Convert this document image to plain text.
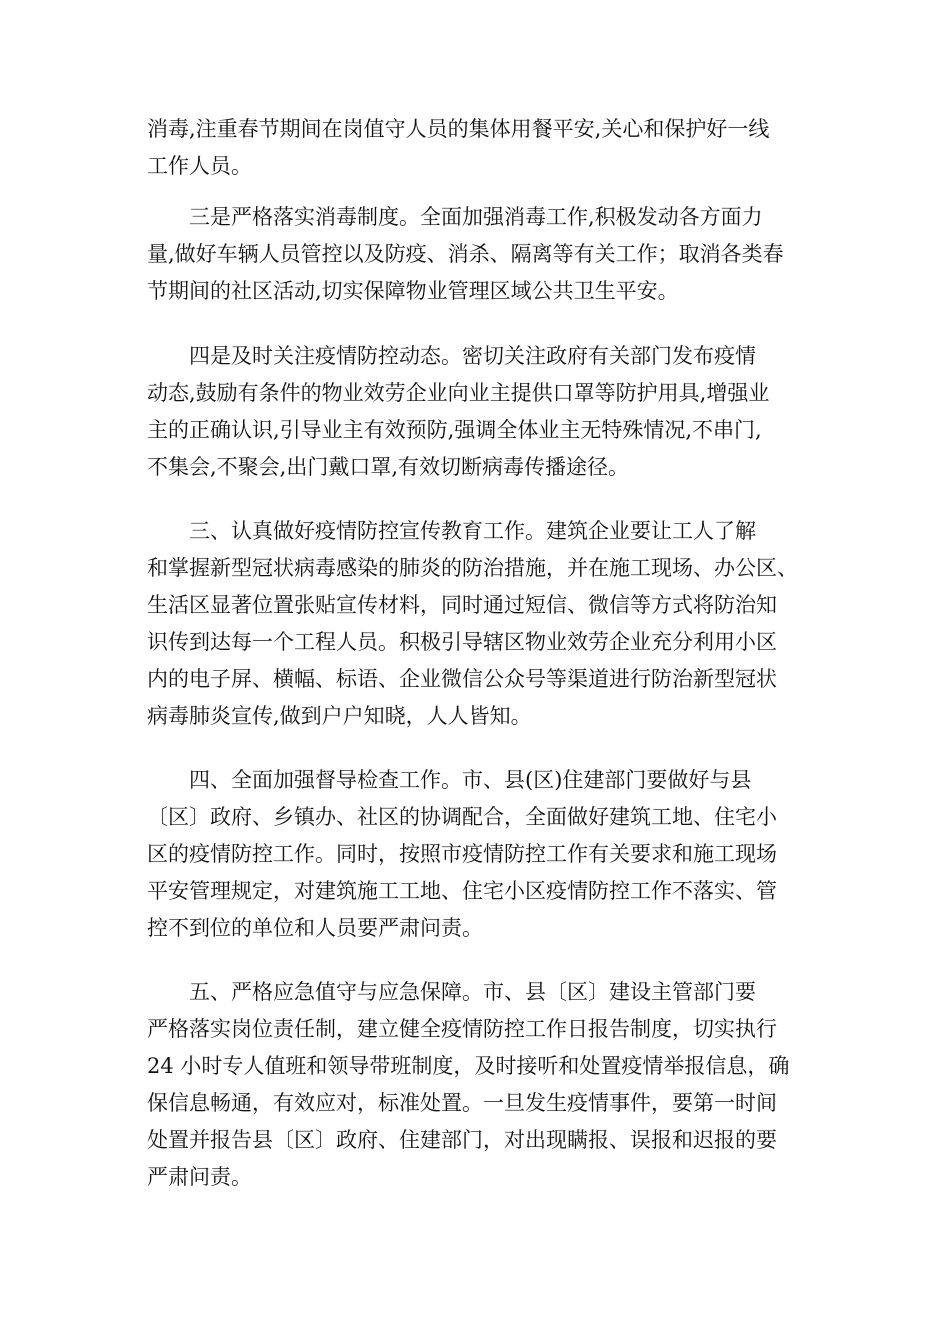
消毒,注重春节期间在岗值守人员的集体用餐平安,关心和保护好一线
工作人员。
　　三是严格落实消毒制度。全面加强消毒工作,积极发动各方面力
量,做好车辆人员管控以及防疫、消杀、隔离等有关工作；取消各类春
节期间的社区活动,切实保障物业管理区域公共卫生平安。
　　四是及时关注疫情防控动态。密切关注政府有关部门发布疫情
动态,鼓励有条件的物业效劳企业向业主提供口罩等防护用具,增强业
主的正确认识,引导业主有效预防,强调全体业主无特殊情况,不串门,
不集会,不聚会,出门戴口罩,有效切断病毒传播途径。
　　三、认真做好疫情防控宣传教育工作。建筑企业要让工人了解
和掌握新型冠状病毒感染的肺炎的防治措施，并在施工现场、办公区、
生活区显著位置张贴宣传材料，同时通过短信、微信等方式将防治知
识传到达每一个工程人员。积极引导辖区物业效劳企业充分利用小区
内的电子屏、横幅、标语、企业微信公众号等渠道进行防治新型冠状
病毒肺炎宣传,做到户户知晓，人人皆知。
　　四、全面加强督导检查工作。市、县(区)住建部门要做好与县
〔区〕政府、乡镇办、社区的协调配合，全面做好建筑工地、住宅小
区的疫情防控工作。同时，按照市疫情防控工作有关要求和施工现场
平安管理规定，对建筑施工工地、住宅小区疫情防控工作不落实、管
控不到位的单位和人员要严肃问责。
　　五、严格应急值守与应急保障。市、县〔区〕建设主管部门要
严格落实岗位责任制，建立健全疫情防控工作日报告制度，切实执行
24 小时专人值班和领导带班制度，及时接听和处置疫情举报信息，确
保信息畅通，有效应对，标准处置。一旦发生疫情事件，要第一时间
处置并报告县〔区〕政府、住建部门，对出现瞒报、误报和迟报的要
严肃问责。
